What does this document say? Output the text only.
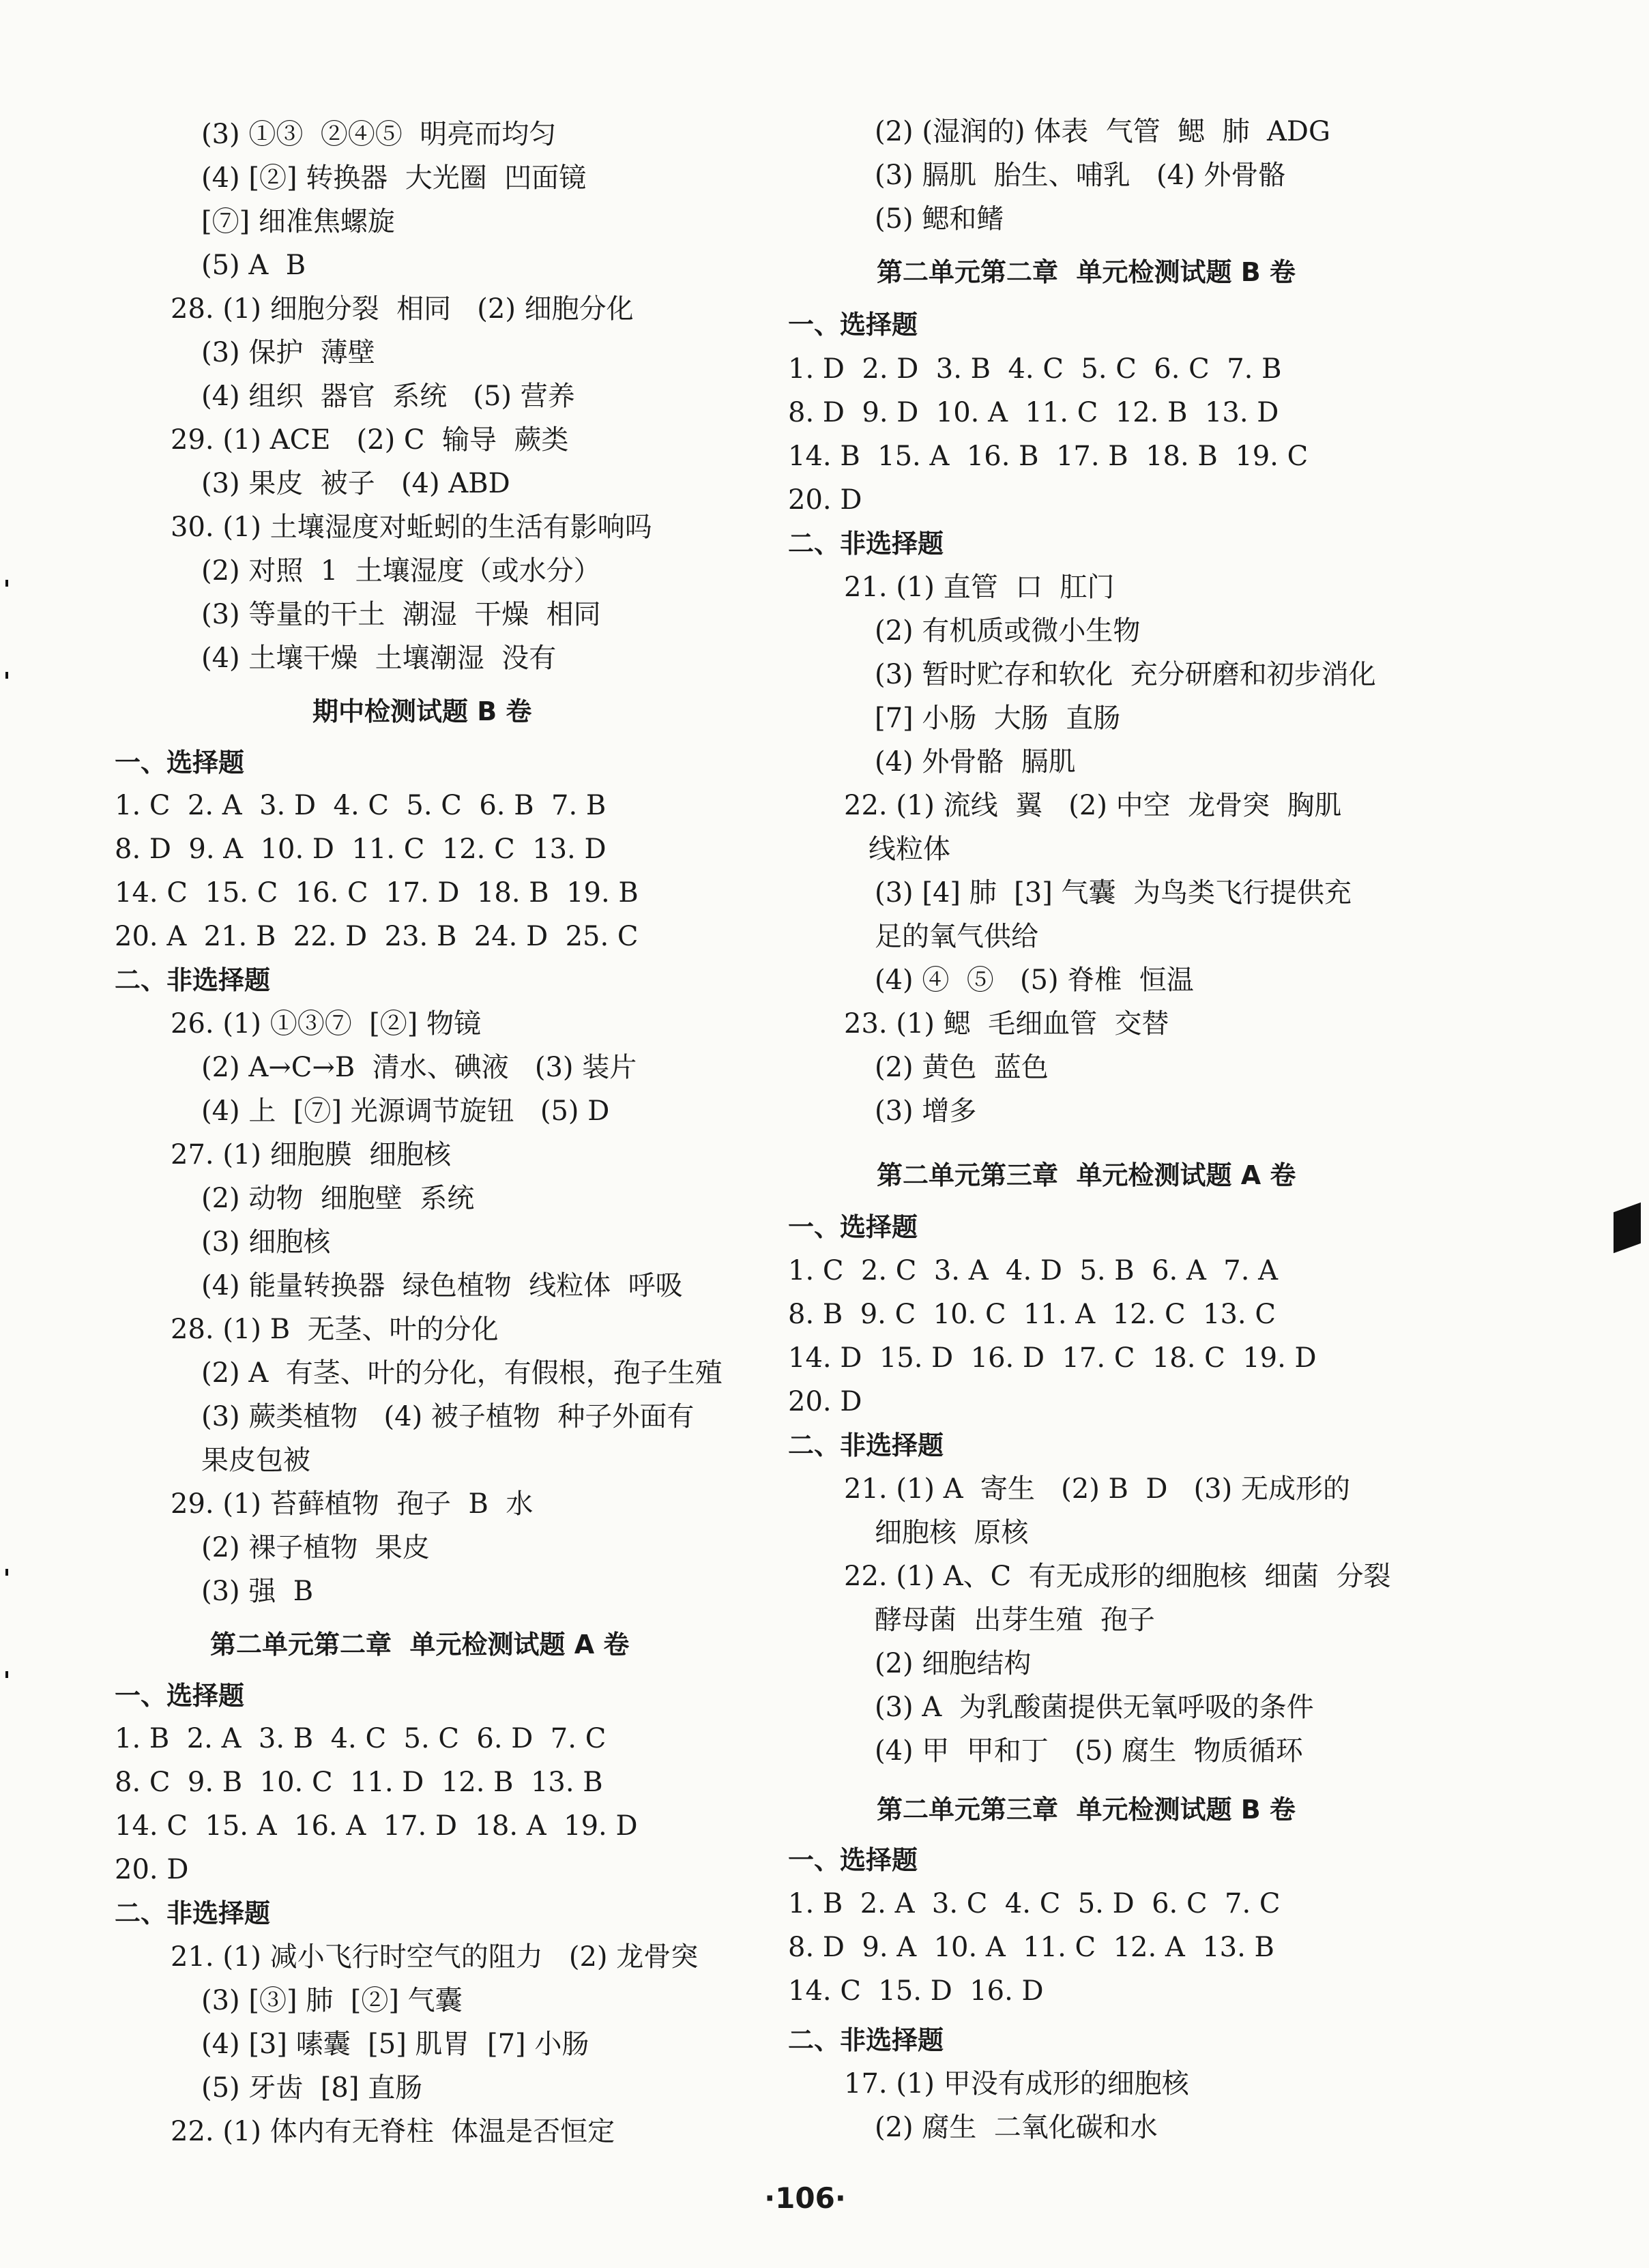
(3) ①③  ②④⑤  明亮而均匀
(4) [②] 转换器  大光圈  凹面镜
[⑦] 细准焦螺旋
(5) A  B
28. (1) 细胞分裂  相同   (2) 细胞分化
(3) 保护  薄壁
(4) 组织  器官  系统   (5) 营养
29. (1) ACE   (2) C  输导  蕨类
(3) 果皮  被子   (4) ABD
30. (1) 土壤湿度对蚯蚓的生活有影响吗
(2) 对照  1  土壤湿度（或水分）
(3) 等量的干土  潮湿  干燥  相同
(4) 土壤干燥  土壤潮湿  没有
期中检测试题 B 卷
一、选择题
1. C  2. A  3. D  4. C  5. C  6. B  7. B
8. D  9. A  10. D  11. C  12. C  13. D
14. C  15. C  16. C  17. D  18. B  19. B
20. A  21. B  22. D  23. B  24. D  25. C
二、非选择题
26. (1) ①③⑦  [②] 物镜
(2) A→C→B  清水、碘液   (3) 装片
(4) 上  [⑦] 光源调节旋钮   (5) D
27. (1) 细胞膜  细胞核
(2) 动物  细胞壁  系统
(3) 细胞核
(4) 能量转换器  绿色植物  线粒体  呼吸
28. (1) B  无茎、叶的分化
(2) A  有茎、叶的分化，有假根，孢子生殖
(3) 蕨类植物   (4) 被子植物  种子外面有
果皮包被
29. (1) 苔藓植物  孢子  B  水
(2) 裸子植物  果皮
(3) 强  B
第二单元第二章  单元检测试题 A 卷
一、选择题
1. B  2. A  3. B  4. C  5. C  6. D  7. C
8. C  9. B  10. C  11. D  12. B  13. B
14. C  15. A  16. A  17. D  18. A  19. D
20. D
二、非选择题
21. (1) 减小飞行时空气的阻力   (2) 龙骨突
(3) [③] 肺  [②] 气囊
(4) [3] 嗉囊  [5] 肌胃  [7] 小肠
(5) 牙齿  [8] 直肠
22. (1) 体内有无脊柱  体温是否恒定
(2) (湿润的) 体表  气管  鳃  肺  ADG
(3) 膈肌  胎生、哺乳   (4) 外骨骼
(5) 鳃和鳍
第二单元第二章  单元检测试题 B 卷
一、选择题
1. D  2. D  3. B  4. C  5. C  6. C  7. B
8. D  9. D  10. A  11. C  12. B  13. D
14. B  15. A  16. B  17. B  18. B  19. C
20. D
二、非选择题
21. (1) 直管  口  肛门
(2) 有机质或微小生物
(3) 暂时贮存和软化  充分研磨和初步消化
[7] 小肠  大肠  直肠
(4) 外骨骼  膈肌
22. (1) 流线  翼   (2) 中空  龙骨突  胸肌
线粒体
(3) [4] 肺  [3] 气囊  为鸟类飞行提供充
足的氧气供给
(4) ④  ⑤   (5) 脊椎  恒温
23. (1) 鳃  毛细血管  交替
(2) 黄色  蓝色
(3) 增多
第二单元第三章  单元检测试题 A 卷
一、选择题
1. C  2. C  3. A  4. D  5. B  6. A  7. A
8. B  9. C  10. C  11. A  12. C  13. C
14. D  15. D  16. D  17. C  18. C  19. D
20. D
二、非选择题
21. (1) A  寄生   (2) B  D   (3) 无成形的
细胞核  原核
22. (1) A、C  有无成形的细胞核  细菌  分裂
酵母菌  出芽生殖  孢子
(2) 细胞结构
(3) A  为乳酸菌提供无氧呼吸的条件
(4) 甲  甲和丁   (5) 腐生  物质循环
第二单元第三章  单元检测试题 B 卷
一、选择题
1. B  2. A  3. C  4. C  5. D  6. C  7. C
8. D  9. A  10. A  11. C  12. A  13. B
14. C  15. D  16. D
二、非选择题
17. (1) 甲没有成形的细胞核
(2) 腐生  二氧化碳和水
·106·
